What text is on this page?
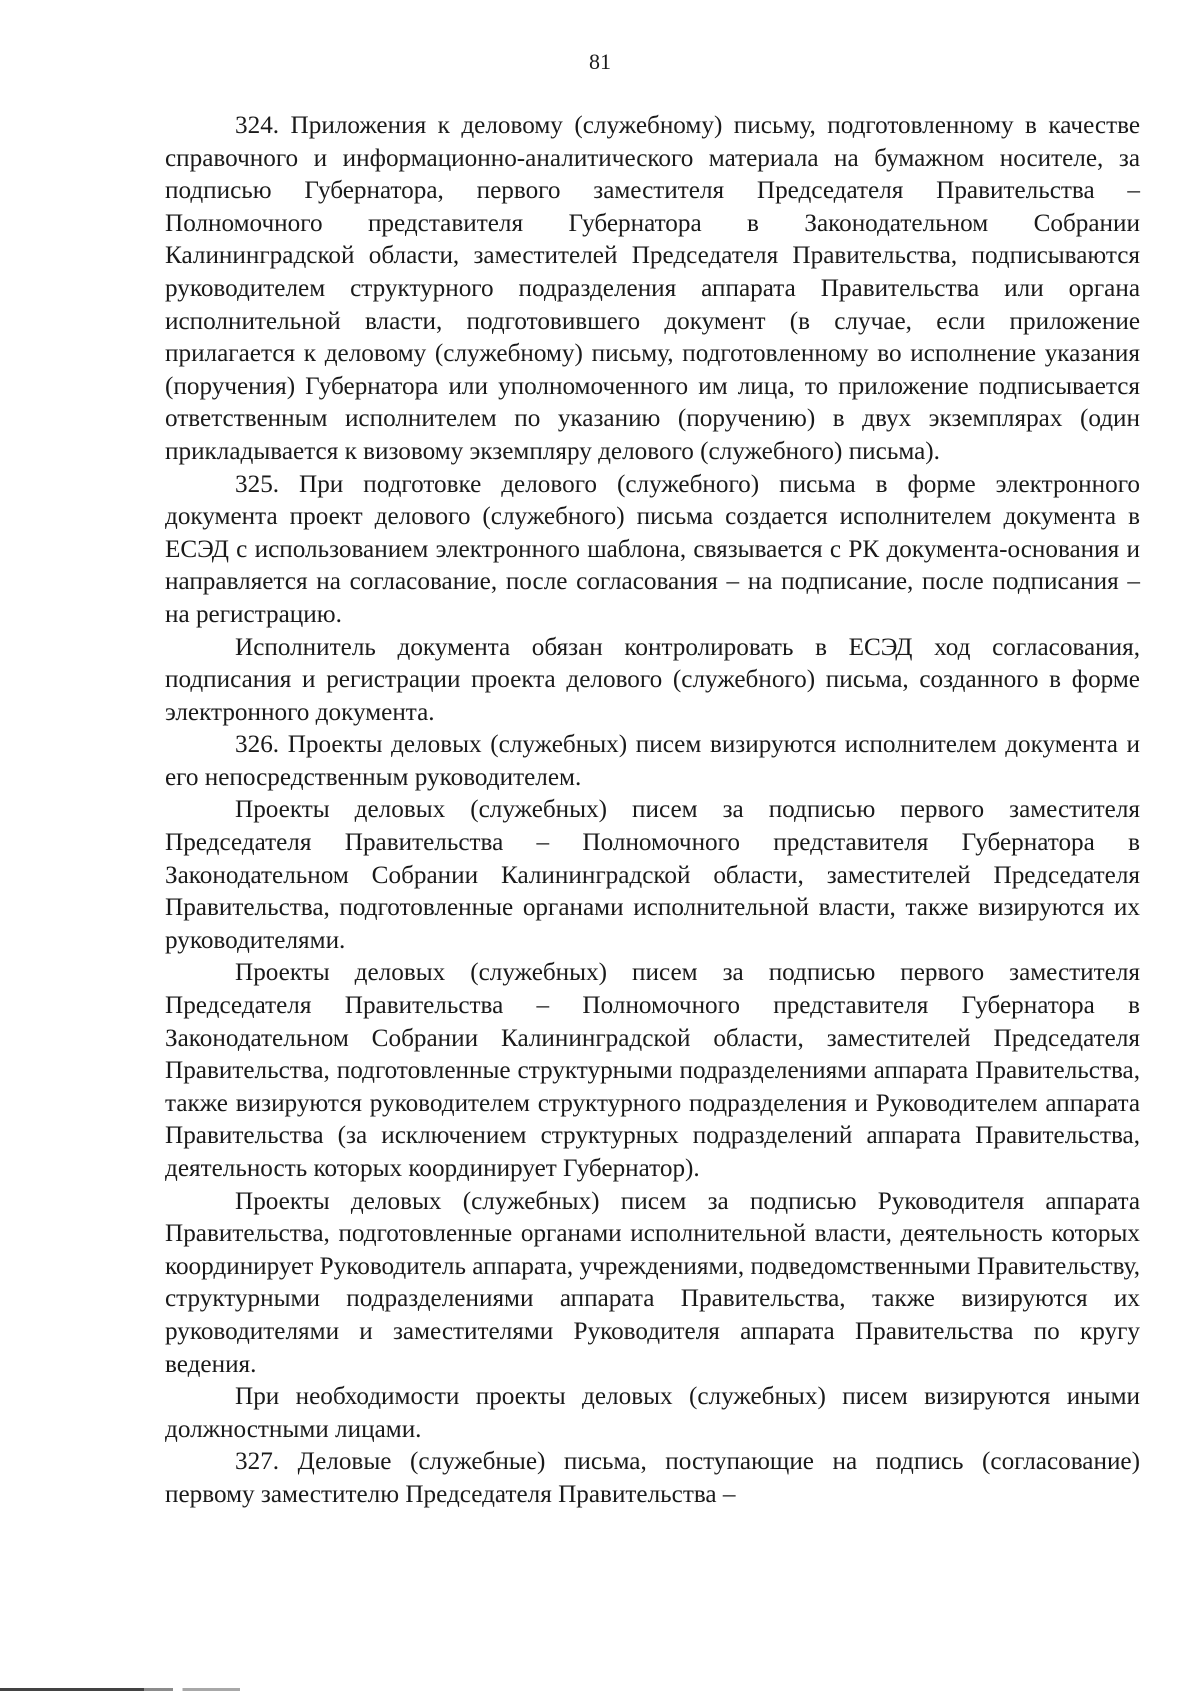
81

324. Приложения к деловому (служебному) письму, подготовленному в качестве справочного и информационно-аналитического материала на бумажном носителе, за подписью Губернатора, первого заместителя Председателя Правительства – Полномочного представителя Губернатора в Законодательном Собрании Калининградской области, заместителей Председателя Правительства, подписываются руководителем структурного подразделения аппарата Правительства или органа исполнительной власти, подготовившего документ (в случае, если приложение прилагается к деловому (служебному) письму, подготовленному во исполнение указания (поручения) Губернатора или уполномоченного им лица, то приложение подписывается ответственным исполнителем по указанию (поручению) в двух экземплярах (один прикладывается к визовому экземпляру делового (служебного) письма).

325. При подготовке делового (служебного) письма в форме электронного документа проект делового (служебного) письма создается исполнителем документа в ЕСЭД с использованием электронного шаблона, связывается с РК документа-основания и направляется на согласование, после согласования – на подписание, после подписания – на регистрацию.

Исполнитель документа обязан контролировать в ЕСЭД ход согласования, подписания и регистрации проекта делового (служебного) письма, созданного в форме электронного документа.

326. Проекты деловых (служебных) писем визируются исполнителем документа и его непосредственным руководителем.

Проекты деловых (служебных) писем за подписью первого заместителя Председателя Правительства – Полномочного представителя Губернатора в Законодательном Собрании Калининградской области, заместителей Председателя Правительства, подготовленные органами исполнительной власти, также визируются их руководителями.

Проекты деловых (служебных) писем за подписью первого заместителя Председателя Правительства – Полномочного представителя Губернатора в Законодательном Собрании Калининградской области, заместителей Председателя Правительства, подготовленные структурными подразделениями аппарата Правительства, также визируются руководителем структурного подразделения и Руководителем аппарата Правительства (за исключением структурных подразделений аппарата Правительства, деятельность которых координирует Губернатор).

Проекты деловых (служебных) писем за подписью Руководителя аппарата Правительства, подготовленные органами исполнительной власти, деятельность которых координирует Руководитель аппарата, учреждениями, подведомственными Правительству, структурными подразделениями аппарата Правительства, также визируются их руководителями и заместителями Руководителя аппарата Правительства по кругу ведения.

При необходимости проекты деловых (служебных) писем визируются иными должностными лицами.

327. Деловые (служебные) письма, поступающие на подпись (согласование) первому заместителю Председателя Правительства –
